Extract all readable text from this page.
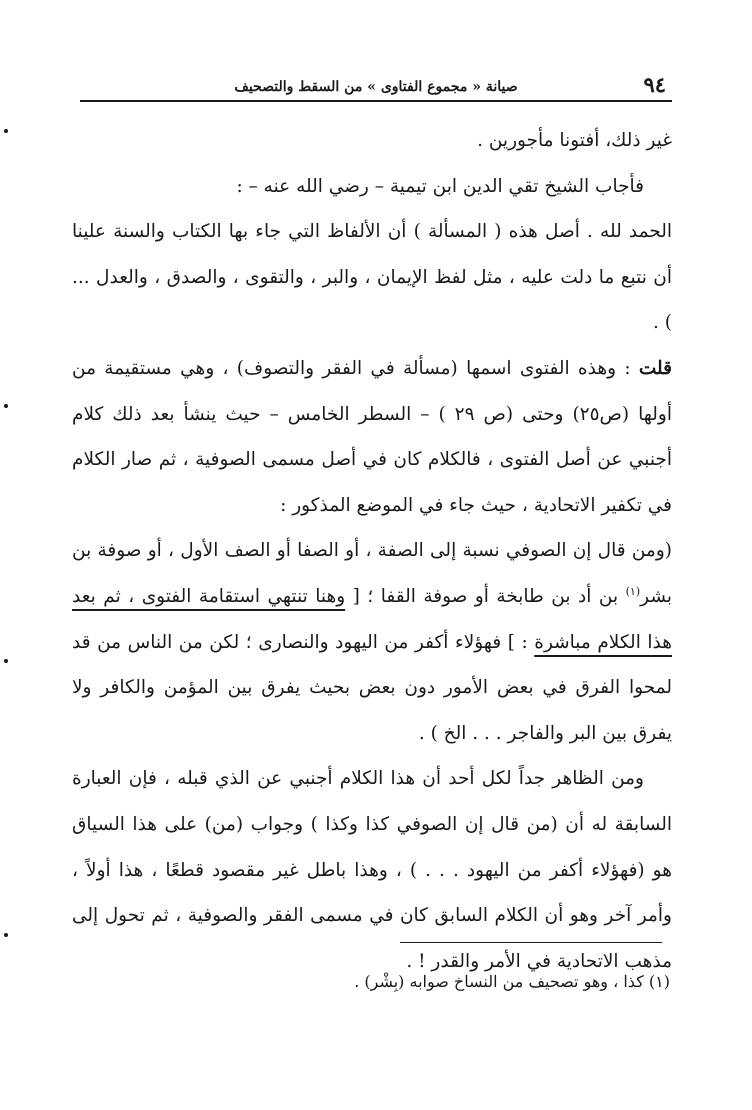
٩٤
صيانة « مجموع الفتاوى » من السقط والتصحيف

غير ذلك، أفتونا مأجورين .

فأجاب الشيخ تقي الدين ابن تيمية – رضي الله عنه – :

الحمد لله . أصل هذه ( المسألة ) أن الألفاظ التي جاء بها الكتاب والسنة علينا أن نتبع ما دلت عليه ، مثل لفظ الإيمان ، والبر ، والتقوى ، والصدق ، والعدل ... ) .

قلت : وهذه الفتوى اسمها (مسألة في الفقر والتصوف) ، وهي مستقيمة من أولها (ص٢٥) وحتى (ص ٢٩ ) – السطر الخامس – حيث ينشأ بعد ذلك كلام أجنبي عن أصل الفتوى ، فالكلام كان في أصل مسمى الصوفية ، ثم صار الكلام في تكفير الاتحادية ، حيث جاء في الموضع المذكور :

(ومن قال إن الصوفي نسبة إلى الصفة ، أو الصفا أو الصف الأول ، أو صوفة بن بشر$^{(١)}$ بن أد بن طابخة أو صوفة القفا ؛ [ وهنا تنتهي استقامة الفتوى ، ثم بعد هذا الكلام مباشرة : ] فهؤلاء أكفر من اليهود والنصارى ؛ لكن من الناس من قد لمحوا الفرق في بعض الأمور دون بعض بحيث يفرق بين المؤمن والكافر ولا يفرق بين البر والفاجر . . . الخ ) .

ومن الظاهر جداً لكل أحد أن هذا الكلام أجنبي عن الذي قبله ، فإن العبارة السابقة له أن (من قال إن الصوفي كذا وكذا ) وجواب (من) على هذا السياق هو (فهؤلاء أكفر من اليهود . . . ) ، وهذا باطل غير مقصود قطعًا ، هذا أولاً ، وأمر آخر وهو أن الكلام السابق كان في مسمى الفقر والصوفية ، ثم تحول إلى مذهب الاتحادية في الأمر والقدر ! .

(١) كذا ، وهو تصحيف من النساخ صوابه (بِشْر) .
